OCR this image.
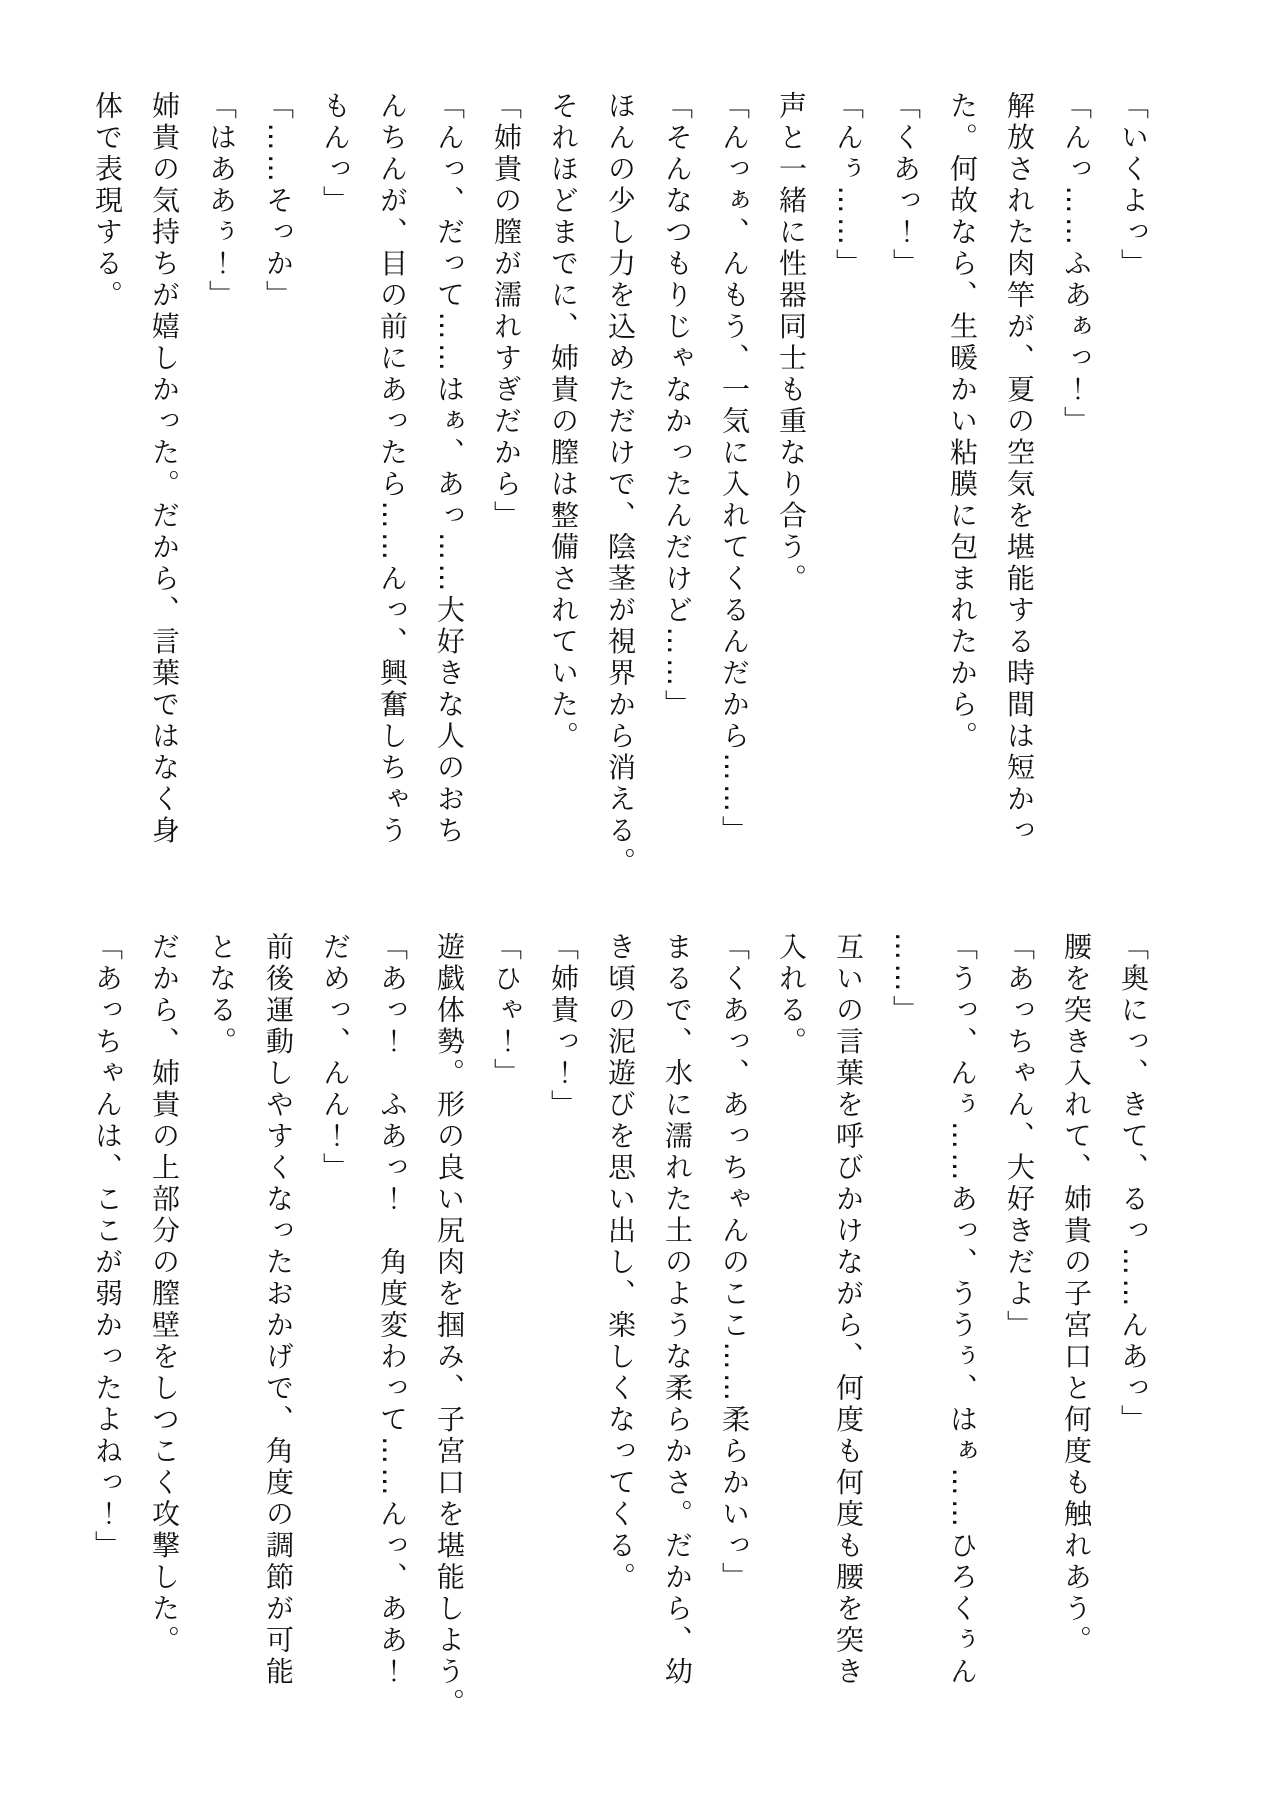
「いくよっ」
「んっ……ふあぁっ！」
解放された肉竿が、夏の空気を堪能する時間は短かっ
た。何故なら、生暖かい粘膜に包まれたから。
「くあっ！」
「んぅ……」
声と一緒に性器同士も重なり合う。
「んっぁ、んもう、一気に入れてくるんだから……」
「そんなつもりじゃなかったんだけど……」
ほんの少し力を込めただけで、陰茎が視界から消える。
それほどまでに、姉貴の膣は整備されていた。
「姉貴の膣が濡れすぎだから」
「んっ、だって……はぁ、あっ……大好きな人のおち
んちんが、目の前にあったら……んっ、興奮しちゃう
もんっ」
「……そっか」
「はああぅ！」
姉貴の気持ちが嬉しかった。だから、言葉ではなく身
体で表現する。
「奥にっ、きて、るっ……んあっ」
腰を突き入れて、姉貴の子宮口と何度も触れあう。
「あっちゃん、大好きだよ」
「うっ、んぅ……あっ、ううぅ、はぁ……ひろくぅん
……」
互いの言葉を呼びかけながら、何度も何度も腰を突き
入れる。
「くあっ、あっちゃんのここ……柔らかいっ」
まるで、水に濡れた土のような柔らかさ。だから、幼
き頃の泥遊びを思い出し、楽しくなってくる。
「姉貴っ！」
「ひゃ！」
遊戯体勢。形の良い尻肉を掴み、子宮口を堪能しよう。
「あっ！　ふあっ！　角度変わって……んっ、ああ！
だめっ、んん！」
前後運動しやすくなったおかげで、角度の調節が可能
となる。
だから、姉貴の上部分の膣壁をしつこく攻撃した。
「あっちゃんは、ここが弱かったよねっ！」
